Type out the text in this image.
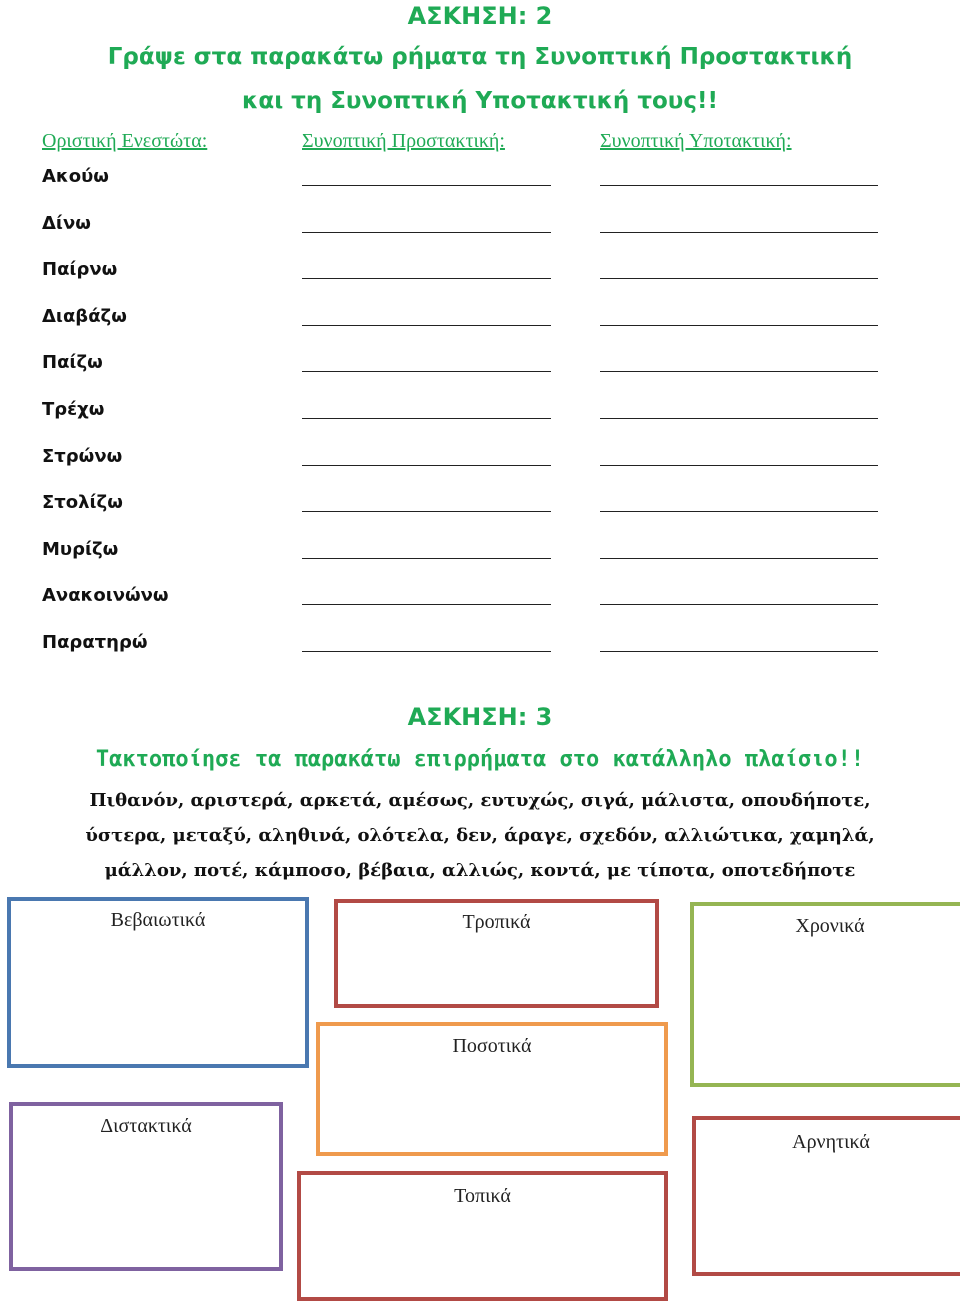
ΑΣΚΗΣΗ: 2
Γράψε στα παρακάτω ρήματα τη Συνοπτική Προστακτική
και τη Συνοπτική Υποτακτική τους!!
Οριστική Ενεστώτα:	Συνοπτική Προστακτική:	Συνοπτική Υποτακτική:
Ακούω
Δίνω
Παίρνω
Διαβάζω
Παίζω
Τρέχω
Στρώνω
Στολίζω
Μυρίζω
Ανακοινώνω
Παρατηρώ
ΑΣΚΗΣΗ: 3
Τακτοποίησε τα παρακάτω επιρρήματα στο κατάλληλο πλαίσιο!!
Πιθανόν, αριστερά, αρκετά, αμέσως, ευτυχώς, σιγά, μάλιστα, οπουδήποτε,
ύστερα, μεταξύ, αληθινά, ολότελα, δεν, άραγε, σχεδόν, αλλιώτικα, χαμηλά,
μάλλον, ποτέ, κάμποσο, βέβαια, αλλιώς, κοντά, με τίποτα, οποτεδήποτε
Βεβαιωτικά	Τροπικά	Χρονικά
Ποσοτικά
Διστακτικά
Αρνητικά
Τοπικά
